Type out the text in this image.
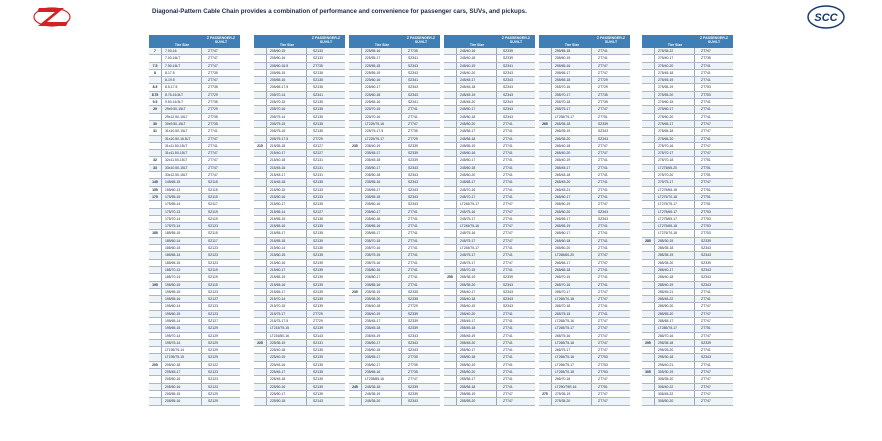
Diagonal-Pattern Cable Chain provides a combination of performance and convenience for passenger cars, SUVs, and pickups.
SCC
Tire Size
Z PASSENGER-Z SUV/LT
7	7.00-16	ZT747
7.00-16LT	ZT747
7.5	7.50-16LT	ZT747
8	8-17.5	ZT735
8-19.5	ZT747
8.5	8.5-17.5	ZT735
8.75	8.75-16.5LT	ZT729
9.5	9.50-16.5LT	ZT735
29	29x9.50-15LT	ZT729
29x12.50-15LT	ZT735
30	30x9.50-15LT	ZT735
31	31x10.50-15LT	ZT741
31x10.50-16.5LT	ZT747
31x11.50-15LT	ZT741
31x11.50-15LT	ZT747
32	32x11.50-15LT	ZT747
33	33x10.50-15LT	ZT747
33x12.50-15LT	ZT747
145	145/65-15	SZ115
155	155/60-13	SZ115
175	175/55-15	SZ115
175/65-14	SZ117
175/70-13	SZ119
175/70-14	SZ119
175/75-14	SZ123
185	185/55-15	SZ115
185/60-14	SZ117
185/60-15	SZ123
185/65-14	SZ123
185/65-15	SZ123
185/70-13	SZ119
185/70-14	SZ119
195	195/50-15	SZ115
195/55-15	SZ123
195/55-16	SZ127
195/60-14	SZ123
195/60-15	SZ123
195/65-14	SZ127
195/65-15	SZ129
195/70-14	SZ129
195/75-14	SZ129
LT195/75-14	SZ129
LT195/75-15	SZ129
205	205/40-18	SZ122
205/45-17	SZ123
205/50-15	SZ123
205/50-16	SZ123
205/55-15	SZ129
205/55-16	SZ129
Tire Size
Z PASSENGER-Z SUV/LT
205/60-15	SZ133
205/60-16	SZ133
205/60-16.5	ZT735
205/65-15	SZ135
205/65-16	SZ135
205/65-17.5	SZ135
205/70-14	SZ341
205/70-15	SZ135
205/70-16	SZ135
205/75-14	SZ135
205/75-15	SZ135
205/75-16	SZ135
205/75-17.5	ZT729
215	215/35-18	SZ127
215/40-17	SZ127
215/40-18	SZ131
215/45-16	SZ131
215/45-17	SZ131
215/45-18	SZ135
215/50-15	SZ133
215/50-16	SZ133
215/50-17	SZ135
215/55-14	SZ127
215/55-15	SZ135
215/55-16	SZ135
215/55-17	SZ135
215/55-18	SZ139
215/60-14	SZ135
215/60-15	SZ135
215/60-16	SZ139
215/60-17	SZ139
215/65-15	SZ139
215/65-16	SZ139
215/65-17	SZ139
215/70-14	SZ139
215/70-15	SZ139
215/75-17	ZT729
215/75-17.5	ZT729
LT215/75-15	SZ139
LT215/80-16	SZ143
225	225/35-19	SZ131
225/40-18	SZ135
225/40-19	SZ139
225/45-16	SZ135
225/45-17	SZ135
225/45-18	SZ139
225/50-16	SZ139
225/50-17	SZ139
225/50-18	SZ143
Tire Size
Z PASSENGER-Z SUV/LT
225/55-16	ZT735
225/55-17	SZ341
225/55-18	SZ343
225/55-19	SZ343
225/60-16	SZ341
225/60-17	SZ343
225/60-18	SZ343
225/65-16	SZ341
225/70-15	ZT741
225/70-16	ZT741
LT225/75-16	ZT747
225/75-17.5	ZT735
LT225/75-17	ZT729
235	235/40-19	SZ339
235/45-17	SZ339
235/45-18	SZ339
235/50-17	SZ343
235/50-18	SZ343
235/55-16	SZ343
235/55-17	SZ343
235/55-18	SZ343
235/60-16	SZ343
235/60-17	ZT741
235/60-18	ZT741
235/65-16	ZT741
235/65-17	ZT741
235/70-15	ZT741
235/70-16	ZT741
235/75-15	ZT741
235/75-16	ZT741
235/80-16	ZT741
235/80-17	ZT741
235/85-16	ZT741
235	235/35-19	SZ335
235/35-20	SZ335
235/40-18	ZT729
235/40-19	SZ339
235/45-17	SZ339
235/45-18	SZ339
235/45-19	SZ343
235/50-17	SZ343
235/50-18	SZ343
235/55-17	ZT735
235/60-17	ZT735
235/65-16	ZT735
LT235/85-16	ZT747
245	245/35-18	SZ339
245/35-19	SZ339
245/35-20	SZ343
Tire Size
Z PASSENGER-Z SUV/LT
245/40-16	SZ339
245/40-18	SZ339
245/40-19	SZ341
245/40-20	SZ343
245/45-17	SZ343
245/45-18	SZ343
245/45-19	SZ343
245/45-20	SZ343
245/50-17	SZ343
245/50-18	SZ343
245/50-20	ZT741
245/55-17	ZT741
245/55-18	ZT741
245/55-19	ZT741
245/60-16	ZT741
245/60-17	ZT741
245/60-18	ZT741
245/60-20	ZT741
245/65-17	ZT741
245/70-16	ZT741
245/70-17	ZT741
LT245/75-17	ZT747
245/75-16	ZT747
245/75-17	ZT741
LT245/75-16	ZT747
245/75-16	ZT747
245/75-17	ZT747
LT245/75-17	ZT741
245/75-17	ZT741
245/75-17	ZT747
255/70-15	ZT741
255	255/35-19	SZ339
255/35-20	SZ343
255/40-17	SZ343
255/40-18	SZ343
255/40-19	SZ343
255/40-20	ZT741
255/45-17	ZT741
255/45-18	ZT741
255/45-19	ZT741
255/45-20	ZT741
255/50-17	ZT741
255/50-18	ZT741
255/50-19	ZT741
255/50-20	ZT741
255/55-17	ZT741
255/55-18	ZT741
255/55-19	ZT747
255/55-20	ZT747
Tire Size
Z PASSENGER-Z SUV/LT
255/55-18	ZT741
255/60-15	ZT741
255/65-16	ZT747
255/65-17	ZT747
255/65-18	ZT729
255/70-16	ZT729
255/70-17	ZT735
255/70-18	ZT735
255/75-17	ZT747
LT255/75-17	ZT751
265	265/35-18	SZ339
265/35-19	SZ343
265/35-20	SZ343
265/40-18	ZT747
265/40-20	ZT747
265/40-19	ZT741
265/45-17	ZT741
265/45-18	ZT741
265/45-20	ZT741
265/45-21	ZT741
265/50-17	ZT741
265/50-19	ZT747
265/50-20	SZ343
265/55-17	SZ343
265/55-19	ZT741
265/60-17	ZT741
265/60-18	ZT741
265/60-20	ZT741
LT265/60-20	ZT747
265/65-17	ZT747
265/65-18	ZT741
265/70-15	ZT741
265/70-16	ZT741
265/70-17	ZT747
LT265/70-18	ZT747
265/70-18	ZT741
265/75-15	ZT741
LT265/75-16	ZT747
LT265/75-17	ZT747
265/75-16	ZT747
LT265/75-16	ZT747
265/75-17	ZT747
LT265/75-16	ZT753
LT265/75-17	ZT753
LT265/70-18	ZT753
265/70-18	ZT747
LT290/75R-16	ZT751
275	275/35-19	ZT747
275/35-20	ZT747
Tire Size
Z PASSENGER-Z SUV/LT
275/35-22	ZT747
275/40-17	ZT735
275/40-20	ZT741
275/45-18	ZT741
275/45-19	ZT741
275/55-19	ZT753
275/55-20	ZT753
275/60-15	ZT741
275/60-17	ZT741
275/60-20	ZT741
275/65-17	ZT747
275/65-18	ZT747
275/65-20	ZT741
275/70-16	ZT747
275/70-17	ZT747
275/70-18	ZT751
LT275/65-20	ZT751
275/70-20	ZT751
275/75-17	ZT747
LT275/65-18	ZT751
LT275/70-18	ZT751
LT275/75-17	ZT751
LT275/65-17	ZT753
LT275/65-17	ZT753
LT275/65-18	ZT753
LT275/70-18	ZT753
285	285/30-19	SZ339
285/35-18	SZ343
285/35-19	SZ343
285/35-20	SZ339
285/40-17	SZ343
285/40-18	SZ343
285/40-19	SZ343
285/45-21	ZT741
285/45-22	ZT741
285/50-20	ZT747
285/55-20	ZT747
285/65-17	ZT747
LT285/75-17	ZT751
285/70-16	ZT747
295	295/35-18	SZ339
295/25-20	ZT741
295/30-18	SZ343
295/40-21	ZT741
305	305/30-19	ZT747
305/35-20	ZT747
305/40-22	ZT747
305/45-22	ZT747
305/50-20	ZT747
